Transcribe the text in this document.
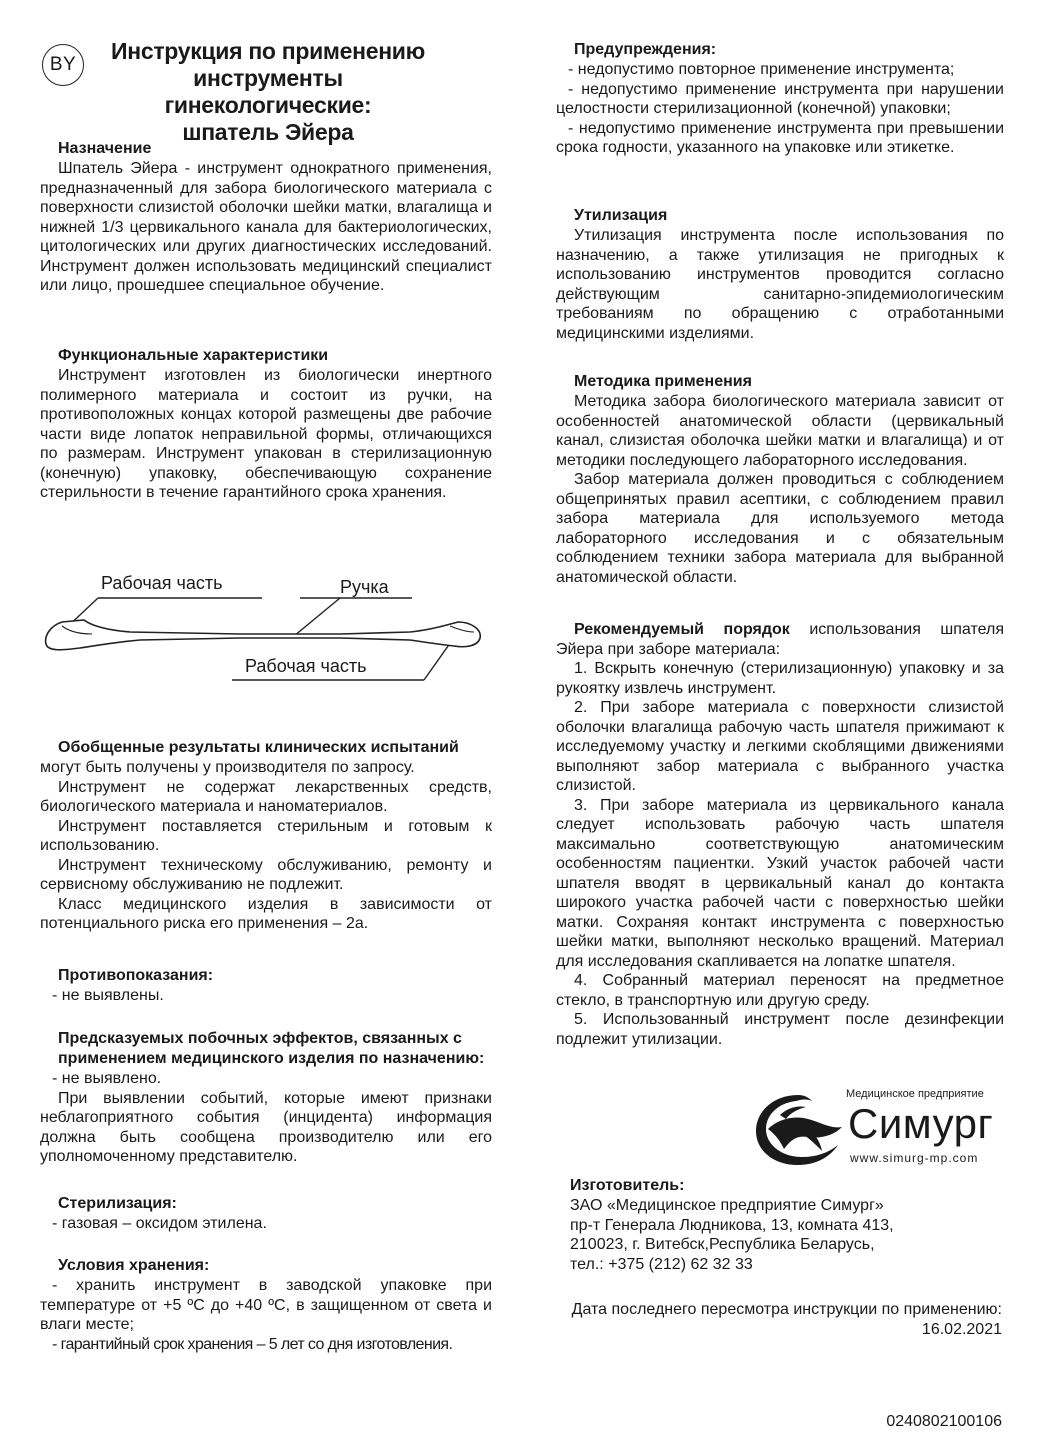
BY
Инструкция по применению
инструменты гинекологические:
шпатель Эйера

Назначение

Шпатель Эйера - инструмент однократного применения, предназначенный для забора биологического материала с поверхности слизистой оболочки шейки матки, влагалища и нижней 1/3 цервикального канала для бактериологических, цитологических или других диагностических исследований. Инструмент должен использовать медицинский специалист или лицо, прошедшее специальное обучение.

Функциональные характеристики

Инструмент изготовлен из биологически инертного полимерного материала и состоит из ручки, на противоположных концах которой размещены две рабочие части виде лопаток неправильной формы, отличающихся по размерам. Инструмент упакован в стерилизационную (конечную) упаковку, обеспечивающую сохранение стерильности в течение гарантийного срока хранения.

Обобщенные результаты клинических испытаний

могут быть получены у производителя по запросу.

Инструмент не содержат лекарственных средств, биологического материала и наноматериалов.

Инструмент поставляется стерильным и готовым к использованию.

Инструмент техническому обслуживанию, ремонту и сервисному обслуживанию не подлежит.

Класс медицинского изделия в зависимости от потенциального риска его применения – 2а.

Противопоказания:

- не выявлены.

Предсказуемых побочных эффектов, связанных с

применением медицинского изделия по назначению:

- не выявлено.

При выявлении событий, которые имеют признаки неблагоприятного события (инцидента) информация должна быть сообщена производителю или его уполномоченному представителю.

Стерилизация:

- газовая – оксидом этилена.

Условия хранения:

- хранить инструмент в заводской упаковке при температуре от +5 ºС до +40 ºС, в защищенном от света и влаги месте;

- гарантийный срок хранения – 5 лет со дня изготовления.

Рабочая часть	Ручка
Рабочая часть

Предупреждения:

- недопустимо повторное применение инструмента;

- недопустимо применение инструмента при нарушении целостности стерилизационной (конечной) упаковки;

- недопустимо применение инструмента при превышении срока годности, указанного на упаковке или этикетке.

Утилизация

Утилизация инструмента после использования по назначению, а также утилизация не пригодных к использованию инструментов проводится согласно действующим санитарно-эпидемиологическим требованиям по обращению с отработанными медицинскими изделиями.

Методика применения

Методика забора биологического материала зависит от особенностей анатомической области (цервикальный канал, слизистая оболочка шейки матки и влагалища) и от методики последующего лабораторного исследования.

Забор материала должен проводиться с соблюдением общепринятых правил асептики, с соблюдением правил забора материала для используемого метода лабораторного исследования и с обязательным соблюдением техники забора материала для выбранной анатомической области.

Рекомендуемый порядок использования шпателя Эйера при заборе материала:

1. Вскрыть конечную (стерилизационную) упаковку и за рукоятку извлечь инструмент.

2. При заборе материала с поверхности слизистой оболочки влагалища рабочую часть шпателя прижимают к исследуемому участку и легкими скоблящими движениями выполняют забор материала с выбранного участка слизистой.

3. При заборе материала из цервикального канала следует использовать рабочую часть шпателя максимально соответствующую анатомическим особенностям пациентки. Узкий участок рабочей части шпателя вводят в цервикальный канал до контакта широкого участка рабочей части с поверхностью шейки матки. Сохраняя контакт инструмента с поверхностью шейки матки, выполняют несколько вращений. Материал для исследования скапливается на лопатке шпателя.

4. Собранный материал переносят на предметное стекло, в транспортную или другую среду.

5. Использованный инструмент после дезинфекции подлежит утилизации.

Медицинское предприятие
Симург
www.simurg-mp.com

Изготовитель:

ЗАО «Медицинское предприятие Симург»

пр-т Генерала Людникова, 13, комната 413,

210023, г. Витебск,Республика Беларусь,

тел.: +375 (212) 62 32 33

Дата последнего пересмотра инструкции по применению:
16.02.2021
0240802100106
